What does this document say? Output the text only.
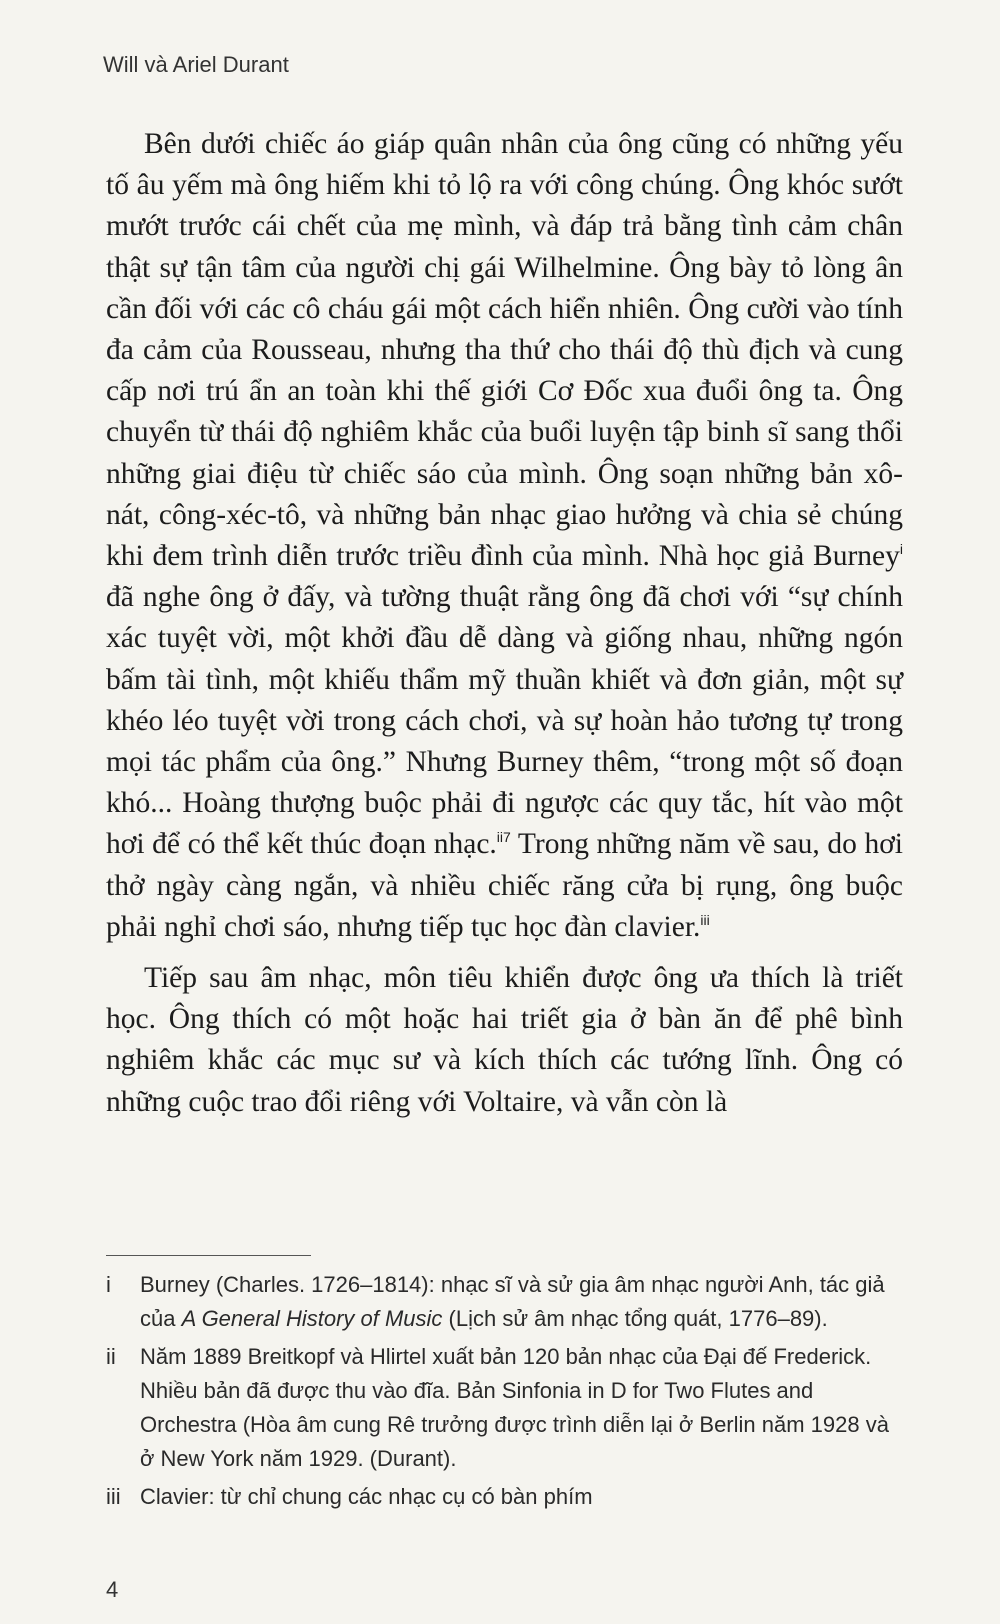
Will và Ariel Durant

Bên dưới chiếc áo giáp quân nhân của ông cũng có những yếu tố âu yếm mà ông hiếm khi tỏ lộ ra với công chúng. Ông khóc sướt mướt trước cái chết của mẹ mình, và đáp trả bằng tình cảm chân thật sự tận tâm của người chị gái Wilhelmine. Ông bày tỏ lòng ân cần đối với các cô cháu gái một cách hiển nhiên. Ông cười vào tính đa cảm của Rousseau, nhưng tha thứ cho thái độ thù địch và cung cấp nơi trú ẩn an toàn khi thế giới Cơ Đốc xua đuổi ông ta. Ông chuyển từ thái độ nghiêm khắc của buổi luyện tập binh sĩ sang thổi những giai điệu từ chiếc sáo của mình. Ông soạn những bản xô-nát, công-xéc-tô, và những bản nhạc giao hưởng và chia sẻ chúng khi đem trình diễn trước triều đình của mình. Nhà học giả Burney$^i$ đã nghe ông ở đấy, và tường thuật rằng ông đã chơi với “sự chính xác tuyệt vời, một khởi đầu dễ dàng và giống nhau, những ngón bấm tài tình, một khiếu thẩm mỹ thuần khiết và đơn giản, một sự khéo léo tuyệt vời trong cách chơi, và sự hoàn hảo tương tự trong mọi tác phẩm của ông.” Nhưng Burney thêm, “trong một số đoạn khó... Hoàng thượng buộc phải đi ngược các quy tắc, hít vào một hơi để có thể kết thúc đoạn nhạc.$^{ii7}$ Trong những năm về sau, do hơi thở ngày càng ngắn, và nhiều chiếc răng cửa bị rụng, ông buộc phải nghỉ chơi sáo, nhưng tiếp tục học đàn clavier.$^{iii}$

Tiếp sau âm nhạc, môn tiêu khiển được ông ưa thích là triết học. Ông thích có một hoặc hai triết gia ở bàn ăn để phê bình nghiêm khắc các mục sư và kích thích các tướng lĩnh. Ông có những cuộc trao đổi riêng với Voltaire, và vẫn còn là

i	Burney (Charles. 1726–1814): nhạc sĩ và sử gia âm nhạc người Anh, tác giả của A General History of Music (Lịch sử âm nhạc tổng quát, 1776–89).
ii	Năm 1889 Breitkopf và Hlirtel xuất bản 120 bản nhạc của Đại đế Frederick. Nhiều bản đã được thu vào đĩa. Bản Sinfonia in D for Two Flutes and Orchestra (Hòa âm cung Rê trưởng được trình diễn lại ở Berlin năm 1928 và ở New York năm 1929. (Durant).
iii Clavier: từ chỉ chung các nhạc cụ có bàn phím
4
